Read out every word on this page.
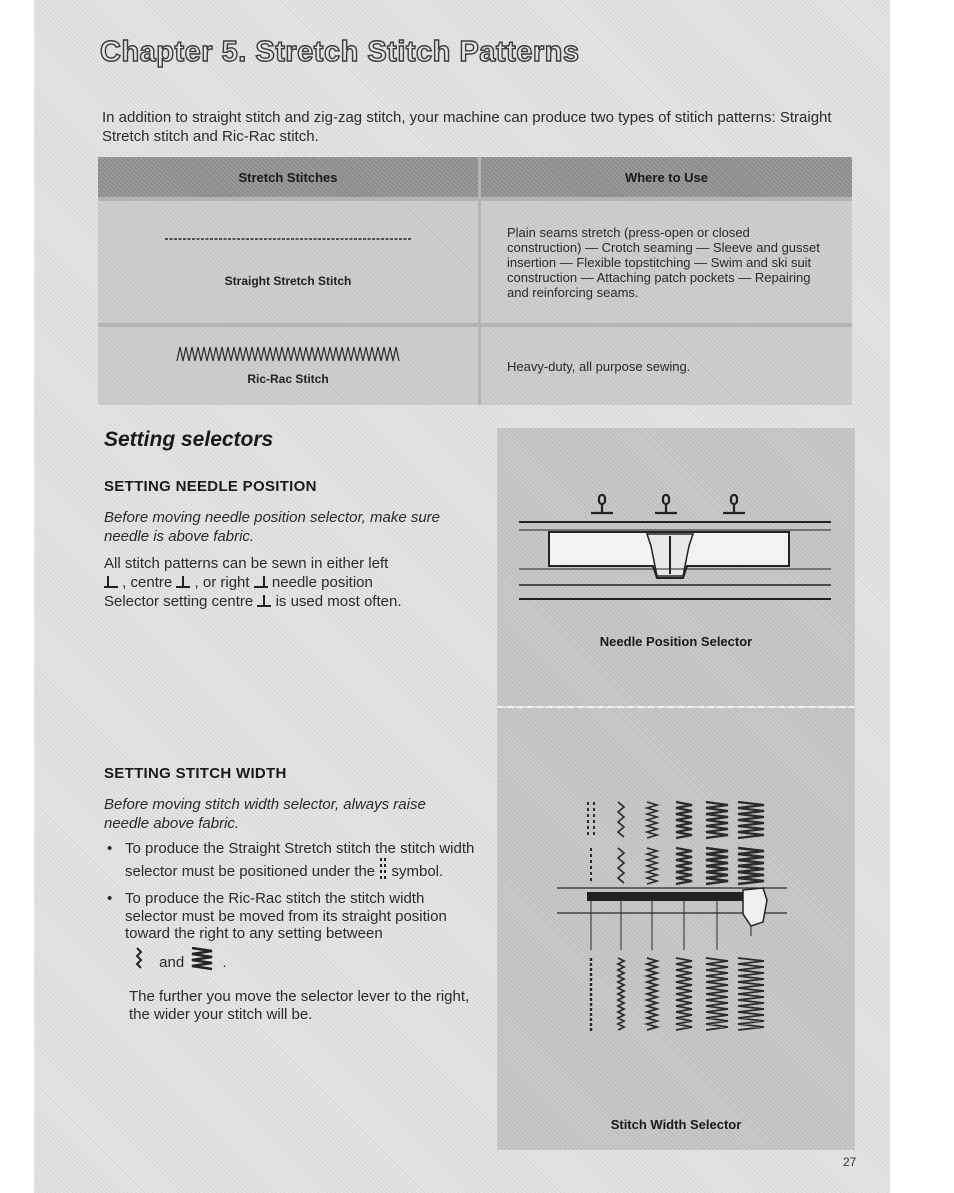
Chapter 5. Stretch Stitch Patterns

In addition to straight stitch and zig-zag stitch, your machine can produce two types of stitich patterns: Straight Stretch stitch and Ric-Rac stitch.

Stretch Stitches	Where to Use

Straight Stretch Stitch	Plain seams stretch (press-open or closed construction) — Crotch seaming — Sleeve and gusset insertion — Flexible topstitching — Swim and ski suit construction — Attaching patch pockets — Repairing and reinforcing seams.

Ric-Rac Stitch	Heavy-duty, all purpose sewing.
Setting selectors
SETTING NEEDLE POSITION

Before moving needle position selector, make sure needle is above fabric.

All stitch patterns can be sewn in either left
, centre , or right needle position
Selector setting centre is used most often.

Needle Position Selector
SETTING STITCH WIDTH

Before moving stitch width selector, always raise needle above fabric.

• To produce the Straight Stretch stitch the stitch width selector must be positioned under the symbol.
• To produce the Ric-Rac stitch the stitch width selector must be moved from its straight position toward the right to any setting between
and	.

The further you move the selector lever to the right, the wider your stitch will be.

Stitch Width Selector
27
